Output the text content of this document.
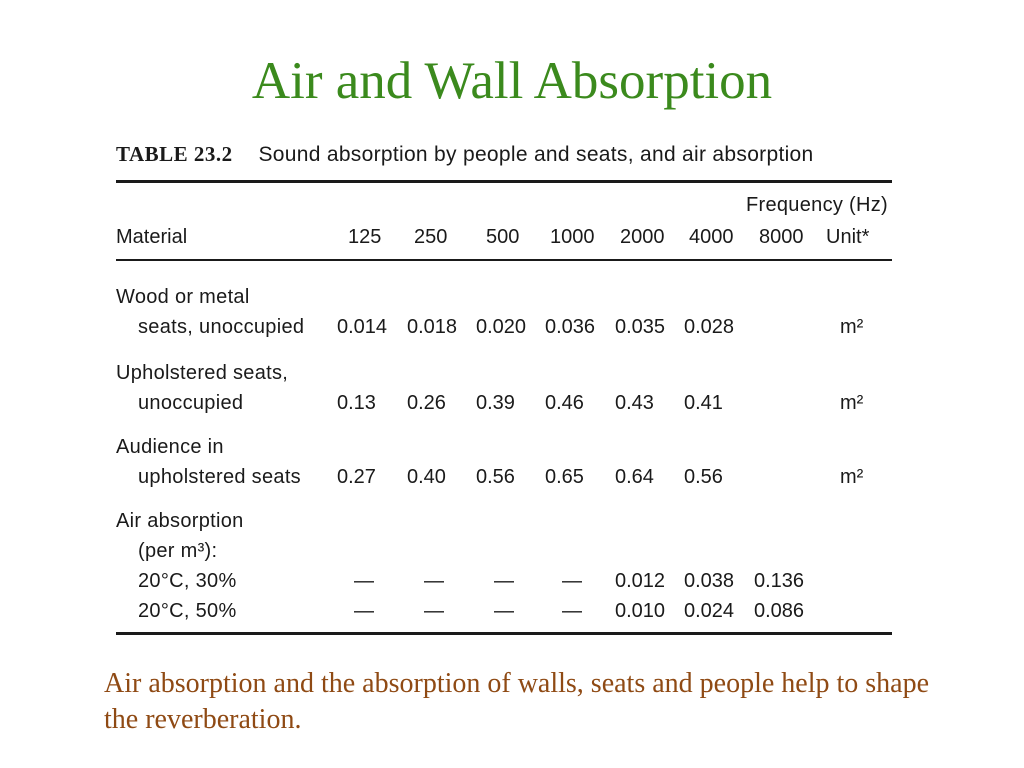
Air and Wall Absorption
TABLE 23.2 Sound absorption by people and seats, and air absorption
Frequency (Hz)
Material	125 250 500 1000 2000 4000 8000 Unit*
Wood or metal
seats, unoccupied 0.014 0.018 0.020 0.036 0.035 0.028	m²
Upholstered seats,
unoccupied	0.13 0.26 0.39 0.46 0.43 0.41	m²
Audience in
upholstered seats 0.27 0.40 0.56 0.65 0.64 0.56	m²
Air absorption
(per m³):
20°C, 30%	—	—	— — 0.012 0.038 0.136
20°C, 50%	—	—	— — 0.010 0.024 0.086
Air absorption and the absorption of walls, seats and people help to shape the reverberation.
